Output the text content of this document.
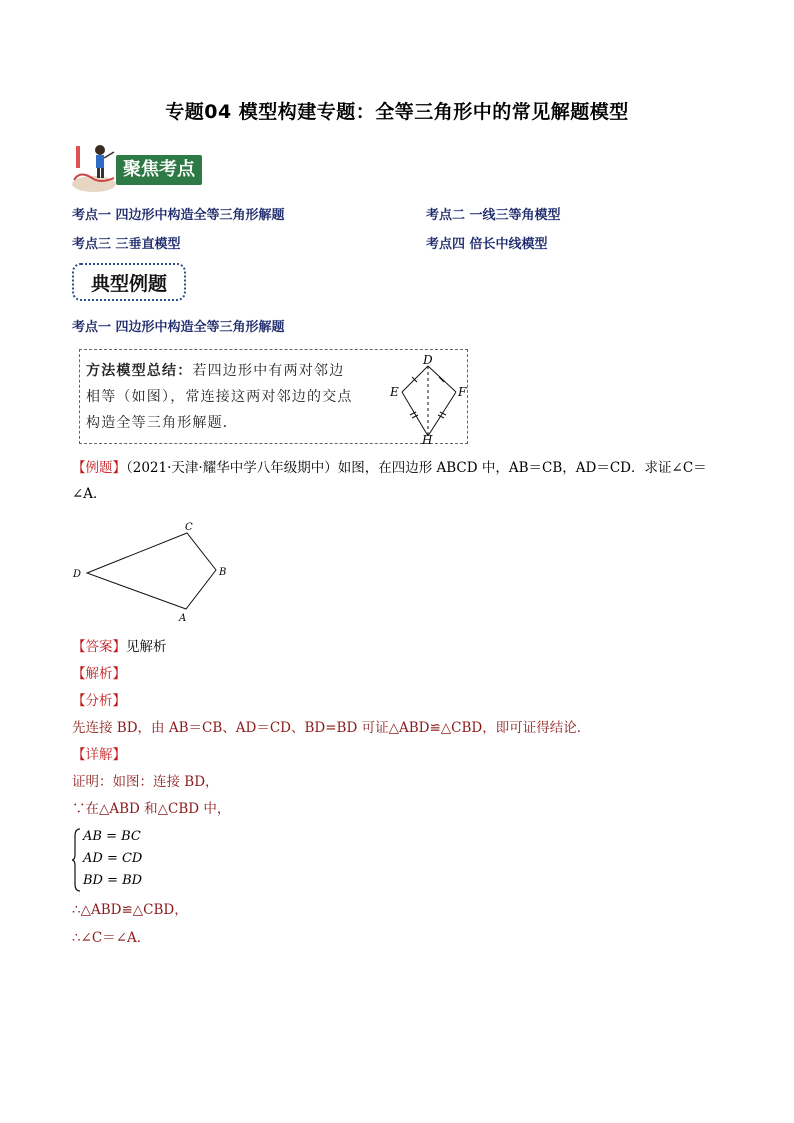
专题04 模型构建专题：全等三角形中的常见解题模型
聚焦考点
考点一 四边形中构造全等三角形解题	考点二 一线三等角模型
考点三 三垂直模型	考点四 倍长中线模型
典型例题
考点一 四边形中构造全等三角形解题
方法模型总结：若四边形中有两对邻边
相等（如图），常连接这两对邻边的交点
构造全等三角形解题．
D
E	F
H
【例题】（2021·天津·耀华中学八年级期中）如图，在四边形 ABCD 中，AB＝CB，AD＝CD．求证∠C＝
∠A．
C
D	B
A
【答案】见解析
【解析】
【分析】
先连接 BD，由 AB＝CB、AD＝CD、BD=BD 可证△ABD≌△CBD，即可证得结论．
【详解】
证明：如图：连接 BD，
∵在△ABD 和△CBD 中，
AB = BC
AD = CD
BD = BD
∴△ABD≌△CBD，
∴∠C＝∠A．
